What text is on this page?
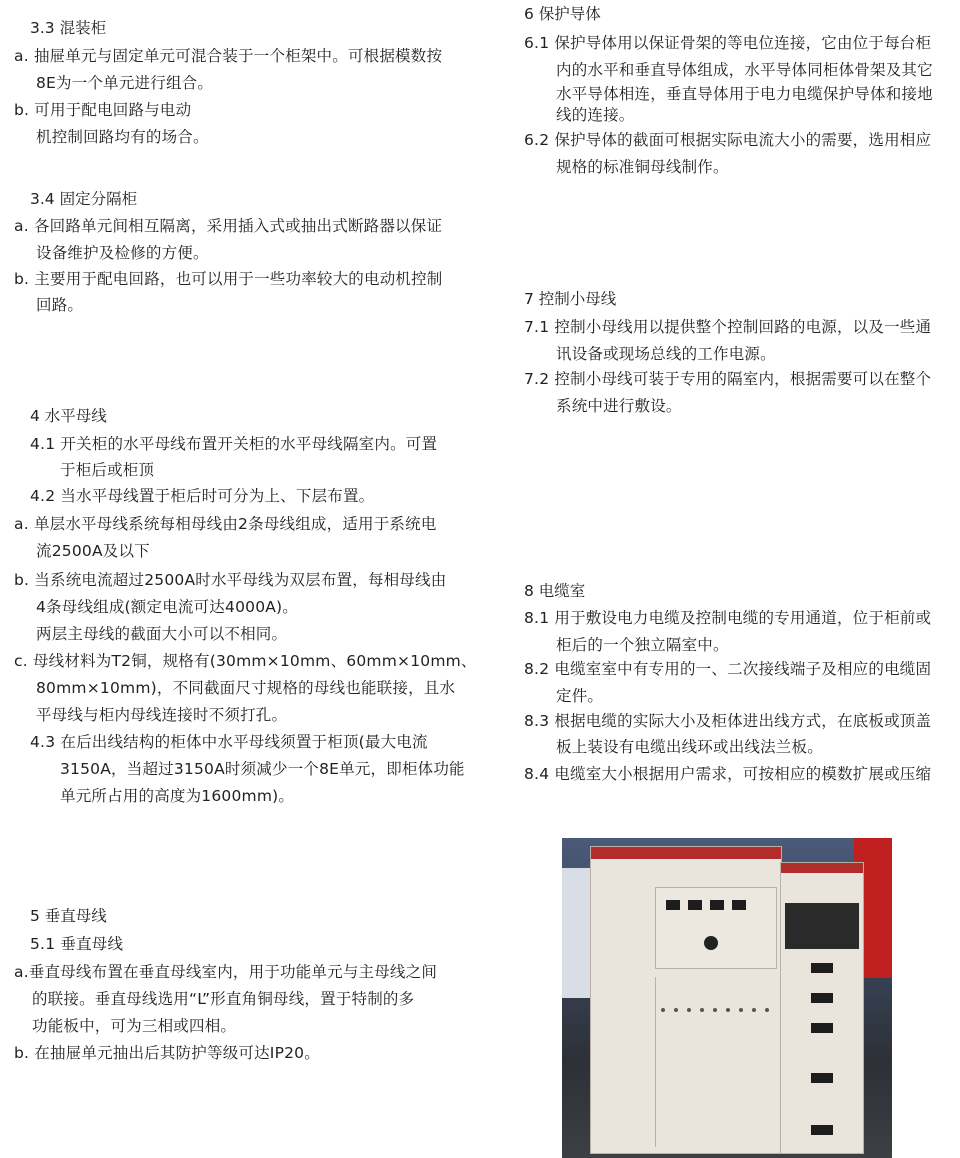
3.3 混装柜
a. 抽屉单元与固定单元可混合装于一个柜架中。可根据模数按
8E为一个单元进行组合。
b. 可用于配电回路与电动
机控制回路均有的场合。
3.4 固定分隔柜
a. 各回路单元间相互隔离，采用插入式或抽出式断路器以保证
设备维护及检修的方便。
b. 主要用于配电回路，也可以用于一些功率较大的电动机控制
回路。
4 水平母线
4.1 开关柜的水平母线布置开关柜的水平母线隔室内。可置
于柜后或柜顶
4.2 当水平母线置于柜后时可分为上、下层布置。
a. 单层水平母线系统每相母线由2条母线组成，适用于系统电
流2500A及以下
b. 当系统电流超过2500A时水平母线为双层布置，每相母线由
4条母线组成(额定电流可达4000A)。
两层主母线的截面大小可以不相同。
c. 母线材料为T2铜，规格有(30mm×10mm、60mm×10mm、
80mm×10mm)，不同截面尺寸规格的母线也能联接，且水
平母线与柜内母线连接时不须打孔。
4.3 在后出线结构的柜体中水平母线须置于柜顶(最大电流
3150A，当超过3150A时须减少一个8E单元，即柜体功能
单元所占用的高度为1600mm)。
5 垂直母线
5.1 垂直母线
a.垂直母线布置在垂直母线室内，用于功能单元与主母线之间
的联接。垂直母线选用“L”形直角铜母线，置于特制的多
功能板中，可为三相或四相。
b. 在抽屉单元抽出后其防护等级可达IP20。
6 保护导体
6.1 保护导体用以保证骨架的等电位连接，它由位于每台柜
内的水平和垂直导体组成，水平导体同柜体骨架及其它
水平导体相连，垂直导体用于电力电缆保护导体和接地
线的连接。
6.2 保护导体的截面可根据实际电流大小的需要，选用相应
规格的标准铜母线制作。
7 控制小母线
7.1 控制小母线用以提供整个控制回路的电源，以及一些通
讯设备或现场总线的工作电源。
7.2 控制小母线可装于专用的隔室内，根据需要可以在整个
系统中进行敷设。
8 电缆室
8.1 用于敷设电力电缆及控制电缆的专用通道，位于柜前或
柜后的一个独立隔室中。
8.2 电缆室室中有专用的一、二次接线端子及相应的电缆固
定件。
8.3 根据电缆的实际大小及柜体进出线方式，在底板或顶盖
板上装设有电缆出线环或出线法兰板。
8.4 电缆室大小根据用户需求，可按相应的模数扩展或压缩
